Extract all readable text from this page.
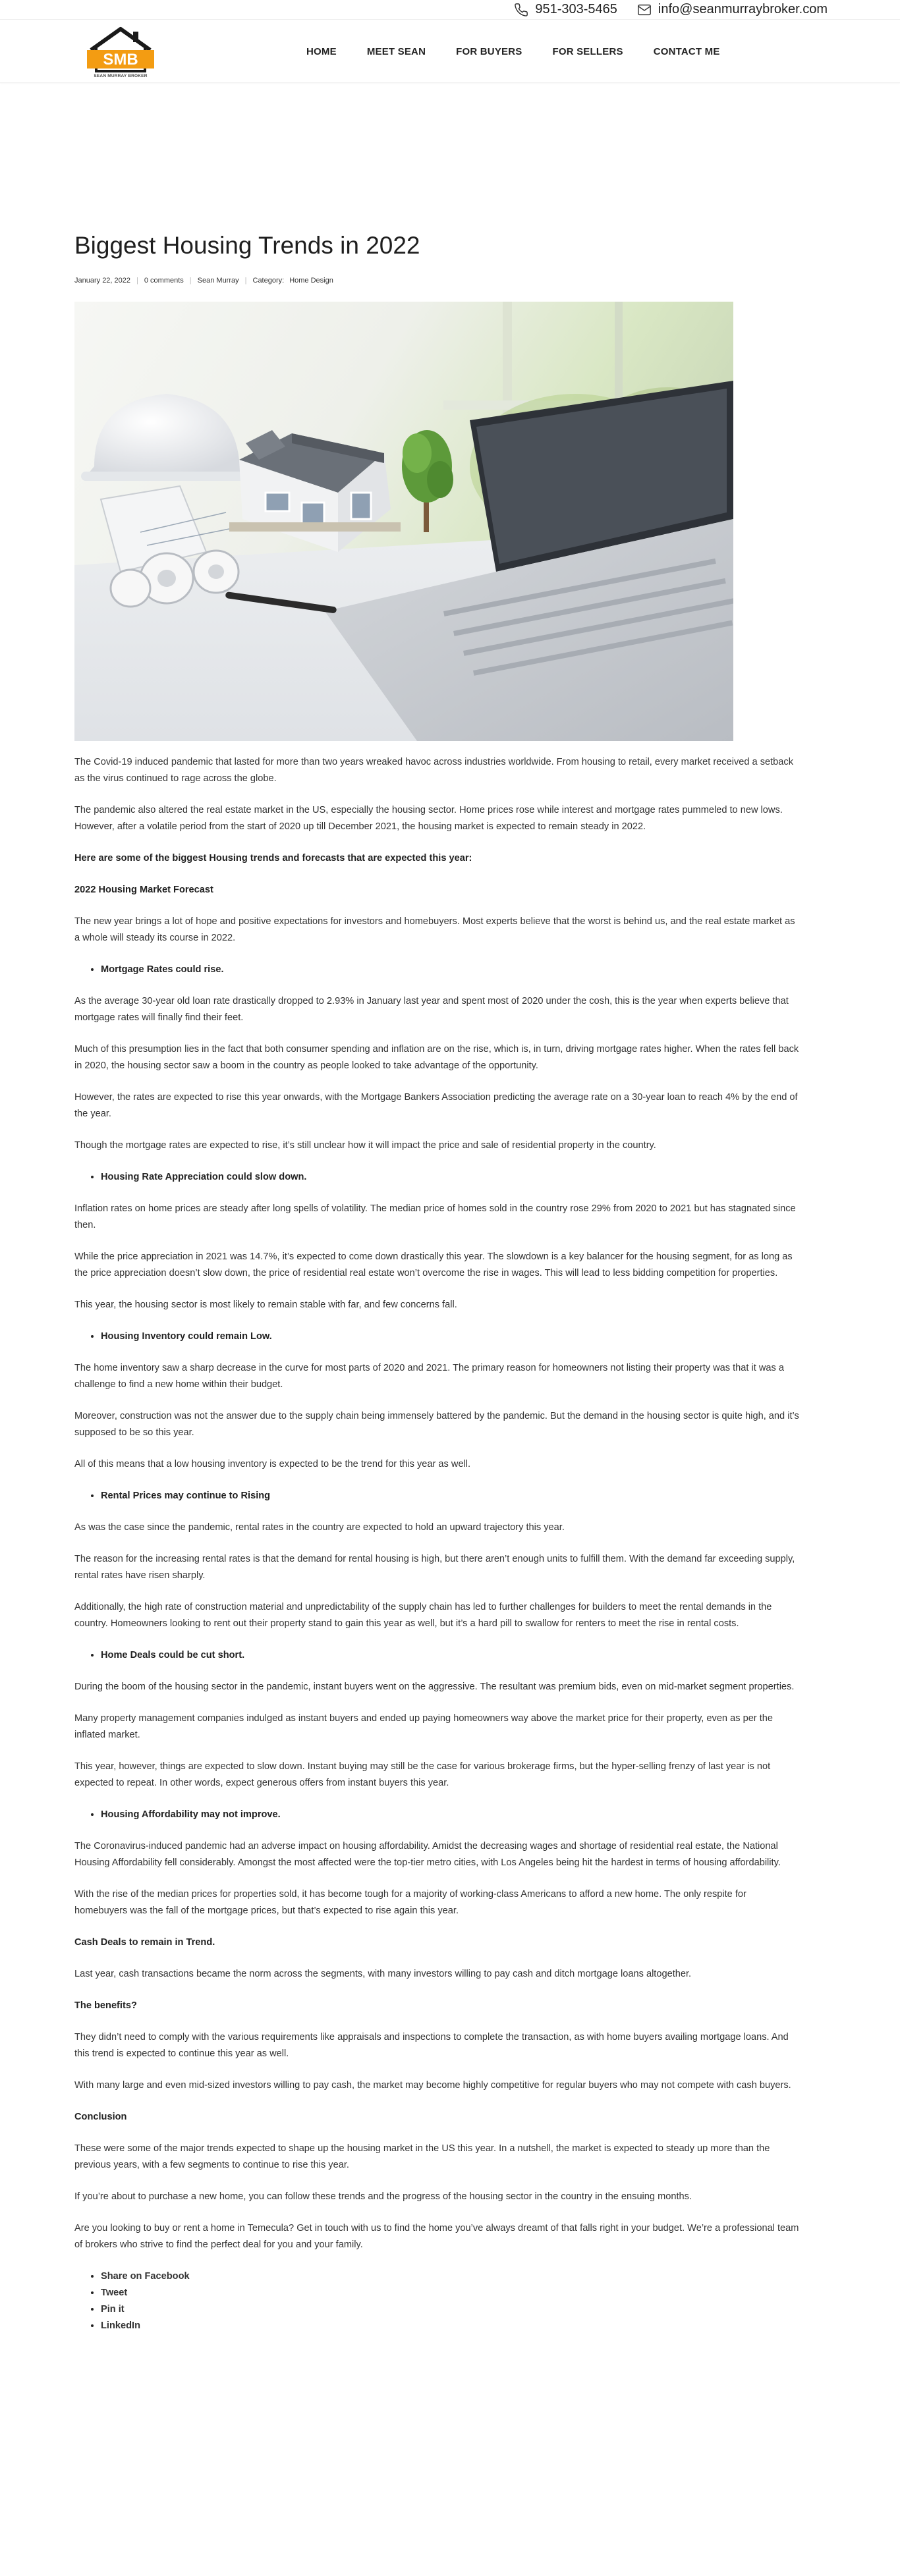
951-303-5465	info@seanmurraybroker.com
SMB
SEAN MURRAY BROKER
HOME	MEET SEAN	FOR BUYERS	FOR SELLERS	CONTACT ME
Biggest Housing Trends in 2022
January 22, 2022 | 0 comments | Sean Murray | Category: Home Design

The Covid-19 induced pandemic that lasted for more than two years wreaked havoc across industries worldwide. From housing to retail, every market received a setback as the virus continued to rage across the globe.

The pandemic also altered the real estate market in the US, especially the housing sector. Home prices rose while interest and mortgage rates pummeled to new lows. However, after a volatile period from the start of 2020 up till December 2021, the housing market is expected to remain steady in 2022.

Here are some of the biggest Housing trends and forecasts that are expected this year:
2022 Housing Market Forecast

The new year brings a lot of hope and positive expectations for investors and homebuyers. Most experts believe that the worst is behind us, and the real estate market as a whole will steady its course in 2022.

• Mortgage Rates could rise.

As the average 30-year old loan rate drastically dropped to 2.93% in January last year and spent most of 2020 under the cosh, this is the year when experts believe that mortgage rates will finally find their feet.

Much of this presumption lies in the fact that both consumer spending and inflation are on the rise, which is, in turn, driving mortgage rates higher. When the rates fell back in 2020, the housing sector saw a boom in the country as people looked to take advantage of the opportunity.

However, the rates are expected to rise this year onwards, with the Mortgage Bankers Association predicting the average rate on a 30-year loan to reach 4% by the end of the year.

Though the mortgage rates are expected to rise, it’s still unclear how it will impact the price and sale of residential property in the country.

• Housing Rate Appreciation could slow down.

Inflation rates on home prices are steady after long spells of volatility. The median price of homes sold in the country rose 29% from 2020 to 2021 but has stagnated since then.

While the price appreciation in 2021 was 14.7%, it’s expected to come down drastically this year. The slowdown is a key balancer for the housing segment, for as long as the price appreciation doesn’t slow down, the price of residential real estate won’t overcome the rise in wages. This will lead to less bidding competition for properties.

This year, the housing sector is most likely to remain stable with far, and few concerns fall.

• Housing Inventory could remain Low.

The home inventory saw a sharp decrease in the curve for most parts of 2020 and 2021. The primary reason for homeowners not listing their property was that it was a challenge to find a new home within their budget.

Moreover, construction was not the answer due to the supply chain being immensely battered by the pandemic. But the demand in the housing sector is quite high, and it’s supposed to be so this year.

All of this means that a low housing inventory is expected to be the trend for this year as well.

• Rental Prices may continue to Rising

As was the case since the pandemic, rental rates in the country are expected to hold an upward trajectory this year.

The reason for the increasing rental rates is that the demand for rental housing is high, but there aren’t enough units to fulfill them. With the demand far exceeding supply, rental rates have risen sharply.

Additionally, the high rate of construction material and unpredictability of the supply chain has led to further challenges for builders to meet the rental demands in the country. Homeowners looking to rent out their property stand to gain this year as well, but it’s a hard pill to swallow for renters to meet the rise in rental costs.

• Home Deals could be cut short.

During the boom of the housing sector in the pandemic, instant buyers went on the aggressive. The resultant was premium bids, even on mid-market segment properties.

Many property management companies indulged as instant buyers and ended up paying homeowners way above the market price for their property, even as per the inflated market.

This year, however, things are expected to slow down. Instant buying may still be the case for various brokerage firms, but the hyper-selling frenzy of last year is not expected to repeat. In other words, expect generous offers from instant buyers this year.

• Housing Affordability may not improve.

The Coronavirus-induced pandemic had an adverse impact on housing affordability. Amidst the decreasing wages and shortage of residential real estate, the National Housing Affordability fell considerably. Amongst the most affected were the top-tier metro cities, with Los Angeles being hit the hardest in terms of housing affordability.

With the rise of the median prices for properties sold, it has become tough for a majority of working-class Americans to afford a new home. The only respite for homebuyers was the fall of the mortgage prices, but that’s expected to rise again this year.

Cash Deals to remain in Trend.

Last year, cash transactions became the norm across the segments, with many investors willing to pay cash and ditch mortgage loans altogether.

The benefits?

They didn’t need to comply with the various requirements like appraisals and inspections to complete the transaction, as with home buyers availing mortgage loans. And this trend is expected to continue this year as well.

With many large and even mid-sized investors willing to pay cash, the market may become highly competitive for regular buyers who may not compete with cash buyers.

Conclusion

These were some of the major trends expected to shape up the housing market in the US this year. In a nutshell, the market is expected to steady up more than the previous years, with a few segments to continue to rise this year.

If you’re about to purchase a new home, you can follow these trends and the progress of the housing sector in the country in the ensuing months.

Are you looking to buy or rent a home in Temecula? Get in touch with us to find the home you’ve always dreamt of that falls right in your budget. We’re a professional team of brokers who strive to find the perfect deal for you and your family.

• Share on Facebook
• Tweet
• Pin it
• LinkedIn
